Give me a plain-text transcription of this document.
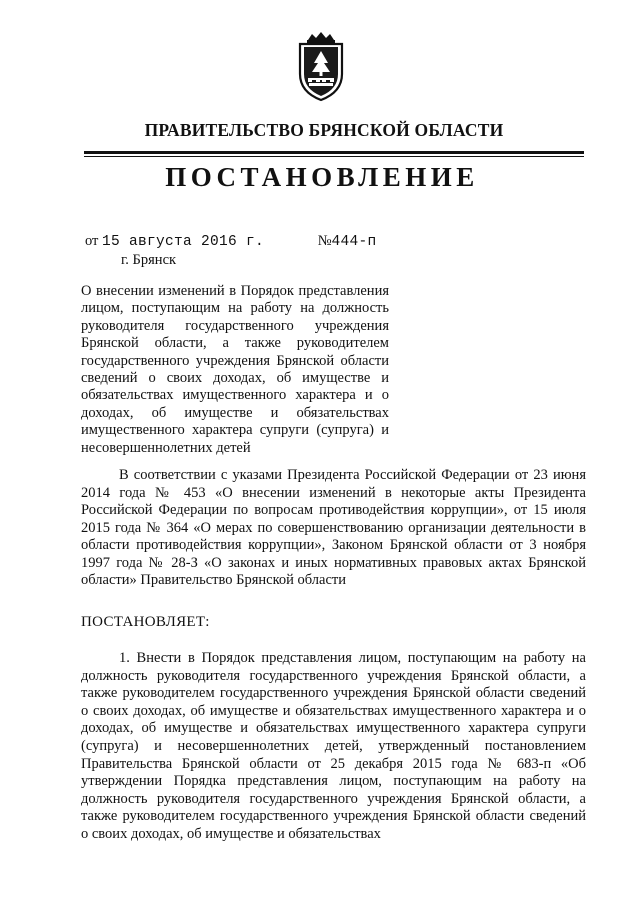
ПРАВИТЕЛЬСТВО БРЯНСКОЙ ОБЛАСТИ
ПОСТАНОВЛЕНИЕ
от 15 августа 2016 г.	№444-п
г. Брянск
О внесении изменений в Порядок представления лицом, поступающим на работу на должность руководителя государственного учреждения Брянской области, а также руководителем государственного учреждения Брянской области сведений о своих доходах, об имуществе и обязательствах имущественного характера и о доходах, об имуществе и обязательствах имущественного характера супруги (супруга) и несовершеннолетних детей
В соответствии с указами Президента Российской Федерации от 23 июня 2014 года № 453 «О внесении изменений в некоторые акты Президента Российской Федерации по вопросам противодействия коррупции», от 15 июля 2015 года № 364 «О мерах по совершенствованию организации деятельности в области противодействия коррупции», Законом Брянской области от 3 ноября 1997 года № 28-З «О законах и иных нормативных правовых актах Брянской области» Правительство Брянской области
ПОСТАНОВЛЯЕТ:
1. Внести в Порядок представления лицом, поступающим на работу на должность руководителя государственного учреждения Брянской области, а также руководителем государственного учреждения Брянской области сведений о своих доходах, об имуществе и обязательствах имущественного характера и о доходах, об имуществе и обязательствах имущественного характера супруги (супруга) и несовершеннолетних детей, утвержденный постановлением Правительства Брянской области от 25 декабря 2015 года № 683-п «Об утверждении Порядка представления лицом, поступающим на работу на должность руководителя государственного учреждения Брянской области, а также руководителем государственного учреждения Брянской области сведений о своих доходах, об имуществе и обязательствах
